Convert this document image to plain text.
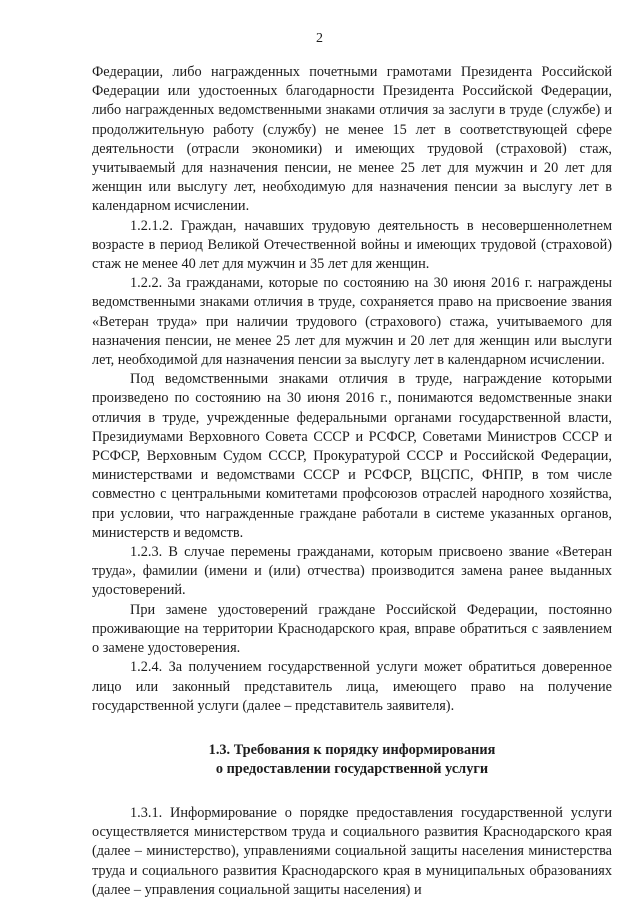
2

Федерации, либо награжденных почетными грамотами Президента Российской Федерации или удостоенных благодарности Президента Российской Федерации, либо награжденных ведомственными знаками отличия за заслуги в труде (службе) и продолжительную работу (службу) не менее 15 лет в соответствующей сфере деятельности (отрасли экономики) и имеющих трудовой (страховой) стаж, учитываемый для назначения пенсии, не менее 25 лет для мужчин и 20 лет для женщин или выслугу лет, необходимую для назначения пенсии за выслугу лет в календарном исчислении.

1.2.1.2. Граждан, начавших трудовую деятельность в несовершеннолетнем возрасте в период Великой Отечественной войны и имеющих трудовой (страховой) стаж не менее 40 лет для мужчин и 35 лет для женщин.

1.2.2. За гражданами, которые по состоянию на 30 июня 2016 г. награждены ведомственными знаками отличия в труде, сохраняется право на присвоение звания «Ветеран труда» при наличии трудового (страхового) стажа, учитываемого для назначения пенсии, не менее 25 лет для мужчин и 20 лет для женщин или выслуги лет, необходимой для назначения пенсии за выслугу лет в календарном исчислении.

Под ведомственными знаками отличия в труде, награждение которыми произведено по состоянию на 30 июня 2016 г., понимаются ведомственные знаки отличия в труде, учрежденные федеральными органами государственной власти, Президиумами Верховного Совета СССР и РСФСР, Советами Министров СССР и РСФСР, Верховным Судом СССР, Прокуратурой СССР и Российской Федерации, министерствами и ведомствами СССР и РСФСР, ВЦСПС, ФНПР, в том числе совместно с центральными комитетами профсоюзов отраслей народного хозяйства, при условии, что награжденные граждане работали в системе указанных органов, министерств и ведомств.

1.2.3. В случае перемены гражданами, которым присвоено звание «Ветеран труда», фамилии (имени и (или) отчества) производится замена ранее выданных удостоверений.

При замене удостоверений граждане Российской Федерации, постоянно проживающие на территории Краснодарского края, вправе обратиться с заявлением о замене удостоверения.

1.2.4. За получением государственной услуги может обратиться доверенное лицо или законный представитель лица, имеющего право на получение государственной услуги (далее – представитель заявителя).

1.3. Требования к порядку информирования
о предоставлении государственной услуги

1.3.1. Информирование о порядке предоставления государственной услуги осуществляется министерством труда и социального развития Краснодарского края (далее – министерство), управлениями социальной защиты населения министерства труда и социального развития Краснодарского края в муниципальных образованиях (далее – управления социальной защиты населения) и
